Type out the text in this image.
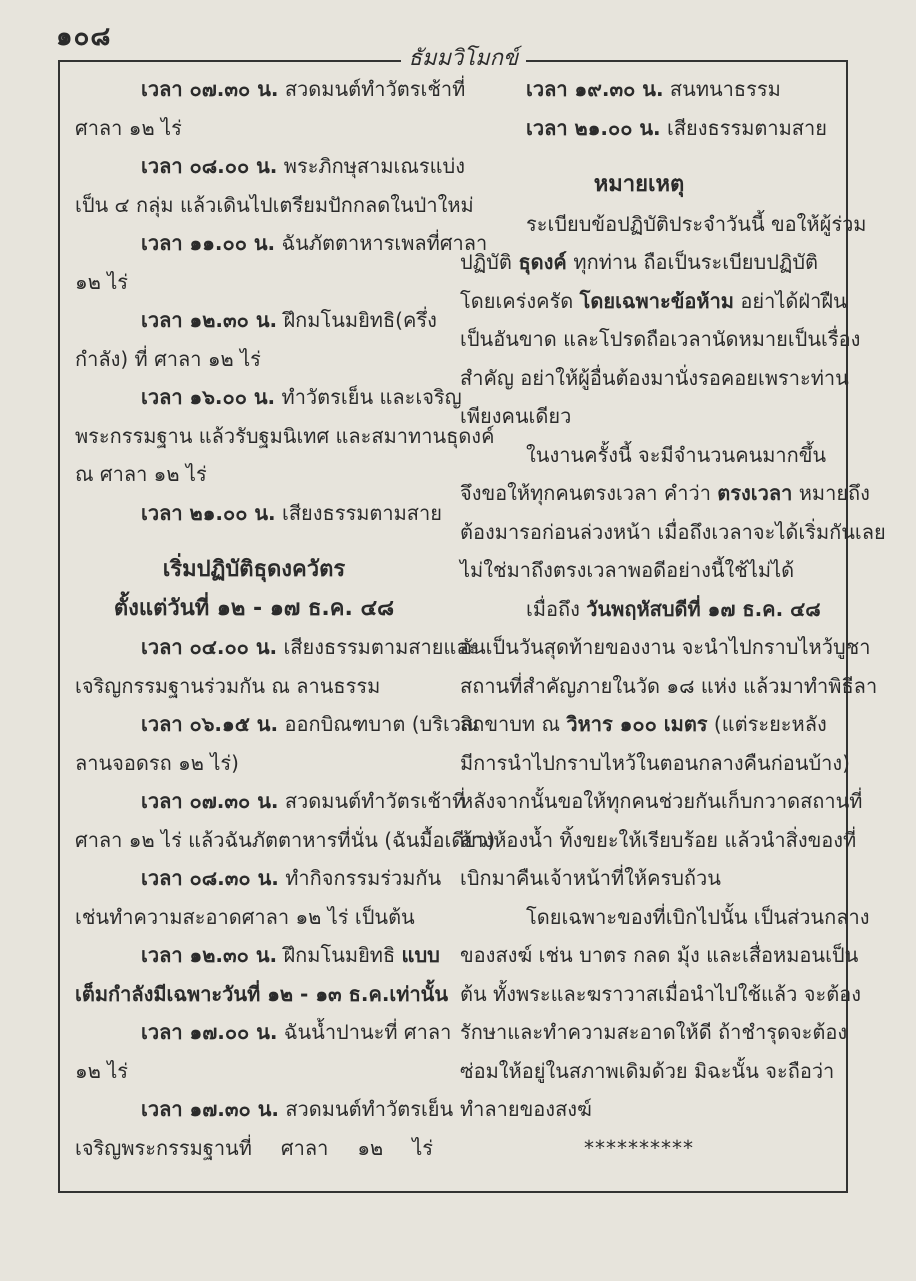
๑๐๘
ธัมมวิโมกข์
เวลา ๐๗.๓๐ น. สวดมนต์ทำวัตรเช้าที่
ศาลา ๑๒ ไร่
เวลา ๐๘.๐๐ น. พระภิกษุสามเณรแบ่ง
เป็น ๔ กลุ่ม แล้วเดินไปเตรียมปักกลดในป่าใหม่
เวลา ๑๑.๐๐ น. ฉันภัตตาหารเพลที่ศาลา
๑๒ ไร่
เวลา ๑๒.๓๐ น. ฝึกมโนมยิทธิ(ครึ่ง
กำลัง) ที่ ศาลา ๑๒ ไร่
เวลา ๑๖.๐๐ น. ทำวัตรเย็น และเจริญ
พระกรรมฐาน แล้วรับฐมนิเทศ และสมาทานธุดงค์
ณ ศาลา ๑๒ ไร่
เวลา ๒๑.๐๐ น. เสียงธรรมตามสาย
เริ่มปฏิบัติธุดงควัตร
ตั้งแต่วันที่ ๑๒ - ๑๗ ธ.ค. ๔๘
เวลา ๐๔.๐๐ น. เสียงธรรมตามสายและ
เจริญกรรมฐานร่วมกัน ณ ลานธรรม
เวลา ๐๖.๑๕ น. ออกบิณฑบาต (บริเวณ
ลานจอดรถ ๑๒ ไร่)
เวลา ๐๗.๓๐ น. สวดมนต์ทำวัตรเช้าที่
ศาลา ๑๒ ไร่ แล้วฉันภัตตาหารที่นั่น (ฉันมื้อเดียว)
เวลา ๐๘.๓๐ น. ทำกิจกรรมร่วมกัน
เช่นทำความสะอาดศาลา ๑๒ ไร่ เป็นต้น
เวลา ๑๒.๓๐ น. ฝึกมโนมยิทธิ แบบ
เต็มกำลังมีเฉพาะวันที่ ๑๒ - ๑๓ ธ.ค.เท่านั้น
เวลา ๑๗.๐๐ น. ฉันน้ำปานะที่ ศาลา
๑๒ ไร่
เวลา ๑๗.๓๐ น. สวดมนต์ทำวัตรเย็น
เจริญพระกรรมฐานที่ ศาลา ๑๒ ไร่
เวลา ๑๙.๓๐ น. สนทนาธรรม
เวลา ๒๑.๐๐ น. เสียงธรรมตามสาย
หมายเหตุ
ระเบียบข้อปฏิบัติประจำวันนี้ ขอให้ผู้ร่วม
ปฏิบัติ ธุดงค์ ทุกท่าน ถือเป็นระเบียบปฏิบัติ
โดยเคร่งครัด โดยเฉพาะข้อห้าม อย่าได้ฝ่าฝืน
เป็นอันขาด และโปรดถือเวลานัดหมายเป็นเรื่อง
สำคัญ อย่าให้ผู้อื่นต้องมานั่งรอคอยเพราะท่าน
เพียงคนเดียว
ในงานครั้งนี้ จะมีจำนวนคนมากขึ้น
จึงขอให้ทุกคนตรงเวลา คำว่า ตรงเวลา หมายถึง
ต้องมารอก่อนล่วงหน้า เมื่อถึงเวลาจะได้เริ่มกันเลย
ไม่ใช่มาถึงตรงเวลาพอดีอย่างนี้ใช้ไม่ได้
เมื่อถึง วันพฤหัสบดีที่ ๑๗ ธ.ค. ๔๘
อันเป็นวันสุดท้ายของงาน จะนำไปกราบไหว้บูชา
สถานที่สำคัญภายในวัด ๑๘ แห่ง แล้วมาทำพิธีลา
สิกขาบท ณ วิหาร ๑๐๐ เมตร (แต่ระยะหลัง
มีการนำไปกราบไหว้ในตอนกลางคืนก่อนบ้าง)
หลังจากนั้นขอให้ทุกคนช่วยกันเก็บกวาดสถานที่
ล้างห้องน้ำ ทิ้งขยะให้เรียบร้อย แล้วนำสิ่งของที่
เบิกมาคืนเจ้าหน้าที่ให้ครบถ้วน
โดยเฉพาะของที่เบิกไปนั้น เป็นส่วนกลาง
ของสงฆ์ เช่น บาตร กลด มุ้ง และเสื่อหมอนเป็น
ต้น ทั้งพระและฆราวาสเมื่อนำไปใช้แล้ว จะต้อง
รักษาและทำความสะอาดให้ดี ถ้าชำรุดจะต้อง
ซ่อมให้อยู่ในสภาพเดิมด้วย มิฉะนั้น จะถือว่า
ทำลายของสงฆ์
**********
